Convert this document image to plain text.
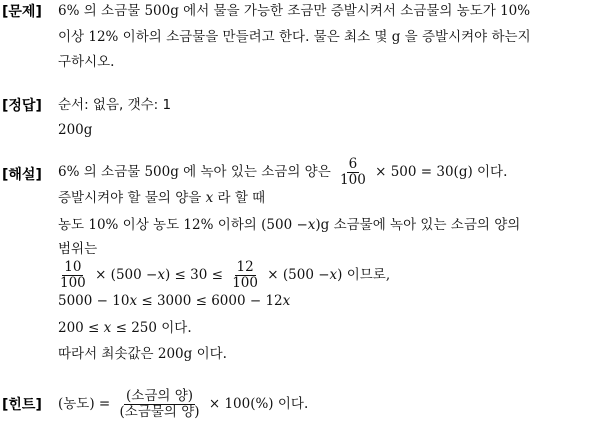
[문제] 6% 의 소금물 500g 에서 물을 가능한 조금만 증발시켜서 소금물의 농도가 10%
이상 12% 이하의 소금물을 만들려고 한다. 물은 최소 몇 g 을 증발시켜야 하는지
구하시오.
[정답] 순서: 없음, 갯수: 1
200g
[해설] 6% 의 소금물 500g 에 녹아 있는 소금의 양은 $\frac{6}{100} \times 500 = 30(g)$ 이다.
증발시켜야 할 물의 양을 x 라 할 때
농도 10% 이상 농도 12% 이하의 (500 −x)g 소금물에 녹아 있는 소금의 양의
범위는
$\frac{10}{100} \times (500 -x) \le 30 \le \frac{12}{100} \times (500 -x)$ 이므로,
5000 − 10x ≤ 3000 ≤ 6000 − 12x
200 ≤ x ≤ 250 이다.
따라서 최솟값은 200g 이다.
[힌트] (농도) = $\frac{\text{(소금의 양)}}{\text{(소금물의 양)}} \times 100(\%)$ 이다.
